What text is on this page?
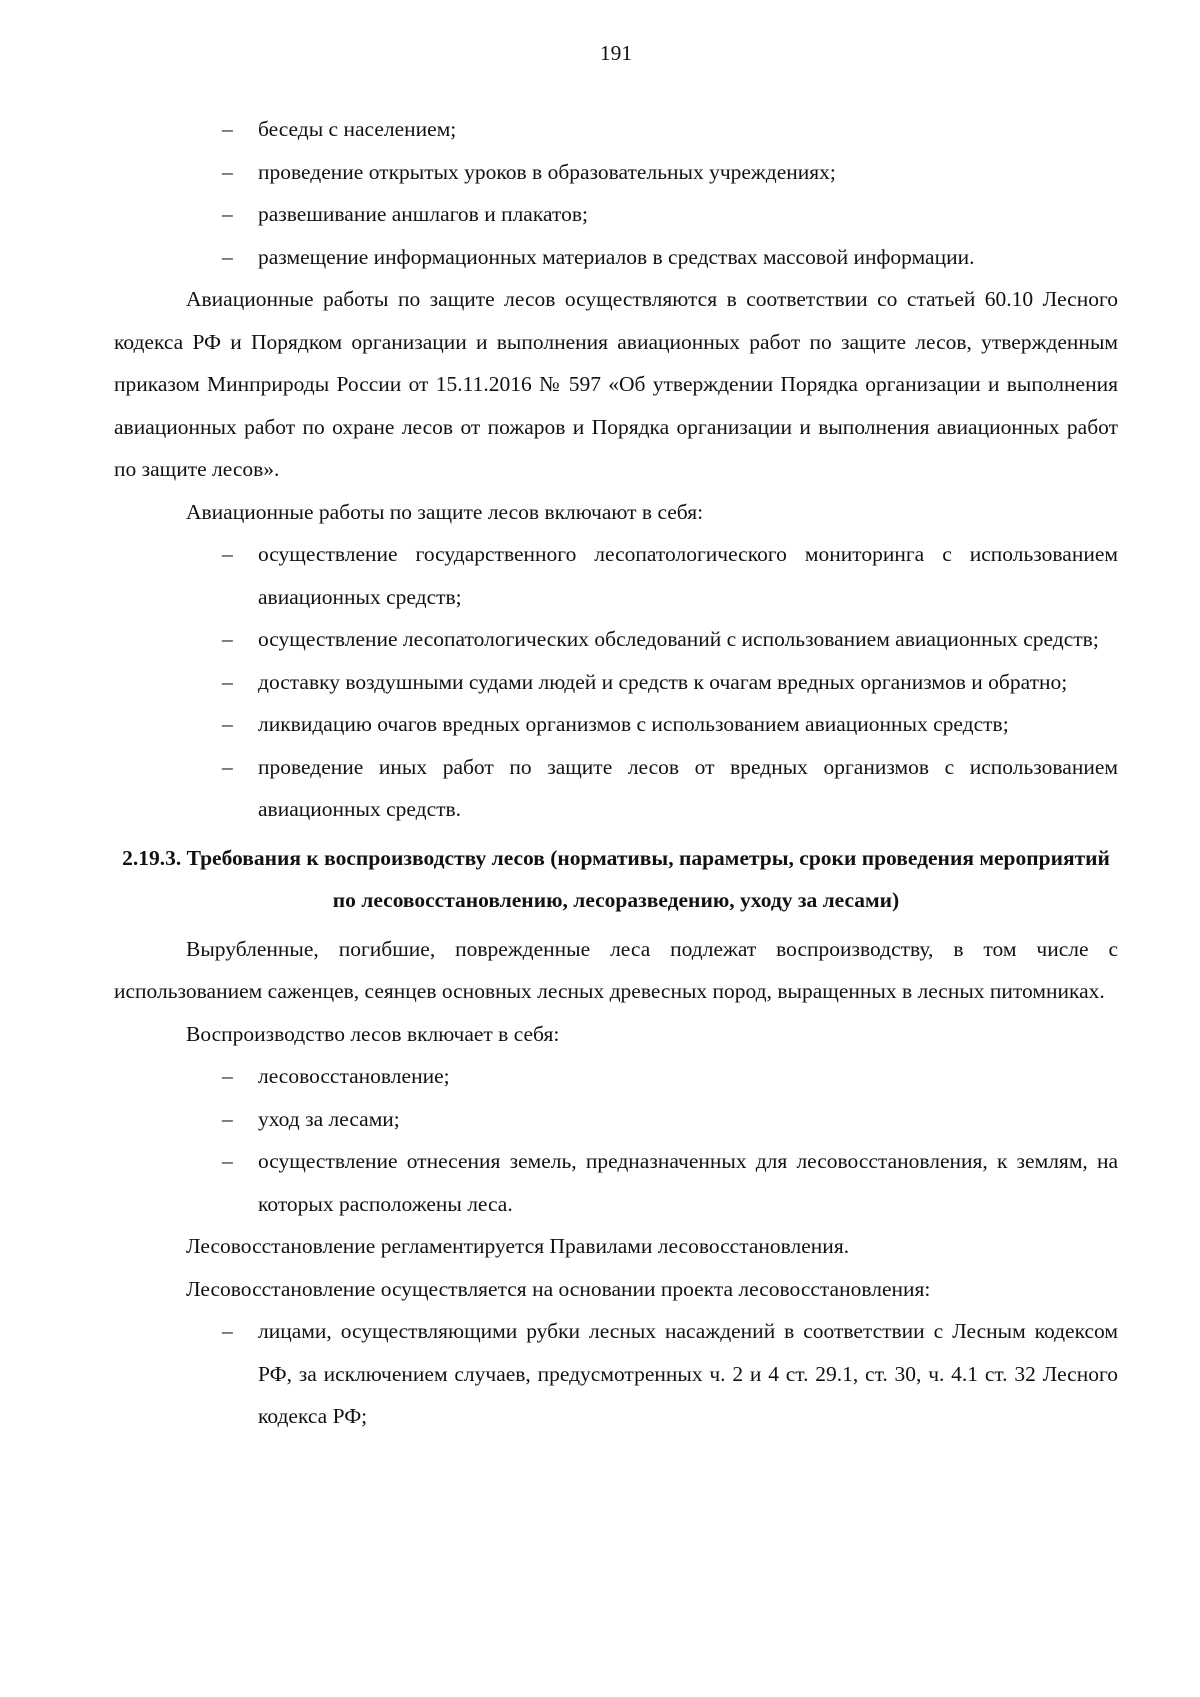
191

– беседы с населением;

– проведение открытых уроков в образовательных учреждениях;

– развешивание аншлагов и плакатов;

– размещение информационных материалов в средствах массовой информации.

Авиационные работы по защите лесов осуществляются в соответствии со статьей 60.10 Лесного кодекса РФ и Порядком организации и выполнения авиационных работ по защите лесов, утвержденным приказом Минприроды России от 15.11.2016 № 597 «Об утверждении Порядка организации и выполнения авиационных работ по охране лесов от пожаров и Порядка организации и выполнения авиационных работ по защите лесов».

Авиационные работы по защите лесов включают в себя:

– осуществление государственного лесопатологического мониторинга с использованием авиационных средств;

– осуществление лесопатологических обследований с использованием авиационных средств;

– доставку воздушными судами людей и средств к очагам вредных организмов и обратно;

– ликвидацию очагов вредных организмов с использованием авиационных средств;

– проведение иных работ по защите лесов от вредных организмов с использованием авиационных средств.

2.19.3. Требования к воспроизводству лесов (нормативы, параметры, сроки проведения мероприятий по лесовосстановлению, лесоразведению, уходу за лесами)

Вырубленные, погибшие, поврежденные леса подлежат воспроизводству, в том числе с использованием саженцев, сеянцев основных лесных древесных пород, выращенных в лесных питомниках.

Воспроизводство лесов включает в себя:

– лесовосстановление;

– уход за лесами;

– осуществление отнесения земель, предназначенных для лесовосстановления, к землям, на которых расположены леса.

Лесовосстановление регламентируется Правилами лесовосстановления.

Лесовосстановление осуществляется на основании проекта лесовосстановления:

– лицами, осуществляющими рубки лесных насаждений в соответствии с Лесным кодексом РФ, за исключением случаев, предусмотренных ч. 2 и 4 ст. 29.1, ст. 30, ч. 4.1 ст. 32 Лесного кодекса РФ;
